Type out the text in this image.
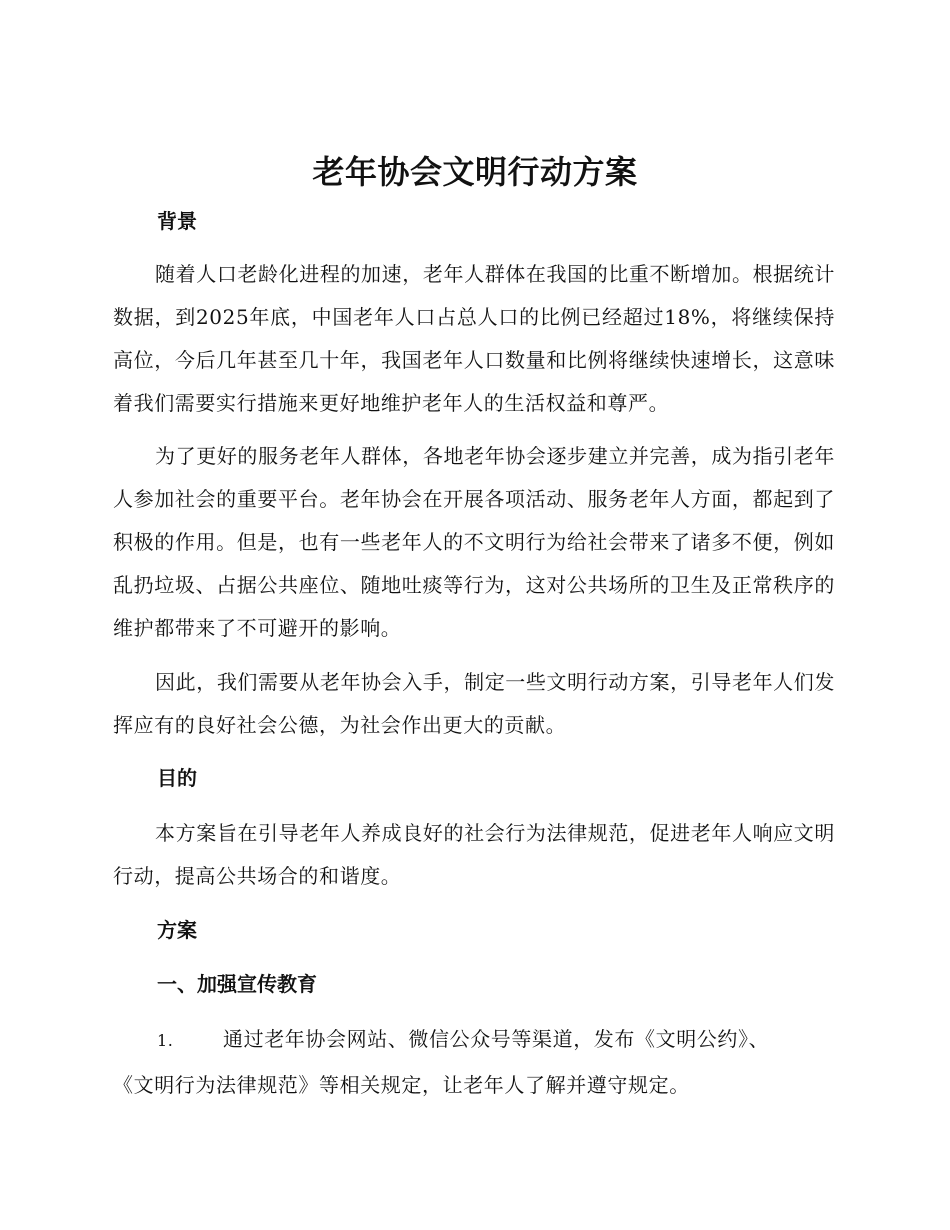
老年协会文明行动方案
背景

随着人口老龄化进程的加速，老年人群体在我国的比重不断增加。根据统计数据，到2025年底，中国老年人口占总人口的比例已经超过18%，将继续保持高位，今后几年甚至几十年，我国老年人口数量和比例将继续快速增长，这意味着我们需要实行措施来更好地维护老年人的生活权益和尊严。

为了更好的服务老年人群体，各地老年协会逐步建立并完善，成为指引老年人参加社会的重要平台。老年协会在开展各项活动、服务老年人方面，都起到了积极的作用。但是，也有一些老年人的不文明行为给社会带来了诸多不便，例如乱扔垃圾、占据公共座位、随地吐痰等行为，这对公共场所的卫生及正常秩序的维护都带来了不可避开的影响。

因此，我们需要从老年协会入手，制定一些文明行动方案，引导老年人们发挥应有的良好社会公德，为社会作出更大的贡献。

目的

本方案旨在引导老年人养成良好的社会行为法律规范，促进老年人响应文明行动，提高公共场合的和谐度。

方案
一、加强宣传教育
1. 通过老年协会网站、微信公众号等渠道，发布《文明公约》、
《文明行为法律规范》等相关规定，让老年人了解并遵守规定。
